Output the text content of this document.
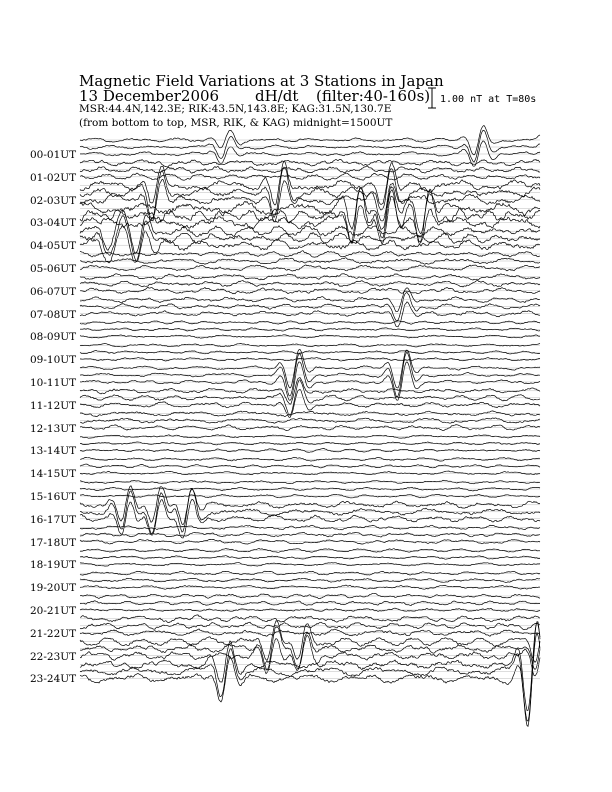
Magnetic Field Variations at 3 Stations in Japan
13 December2006 dH/dt (filter:40-160s)
MSR:44.4N,142.3E; RIK:43.5N,143.8E; KAG:31.5N,130.7E
(from bottom to top, MSR, RIK, & KAG) midnight=1500UT
1.00 nT at T=80s
00-01UT
01-02UT
02-03UT
03-04UT
04-05UT
05-06UT
06-07UT
07-08UT
08-09UT
09-10UT
10-11UT
11-12UT
12-13UT
13-14UT
14-15UT
15-16UT
16-17UT
17-18UT
18-19UT
19-20UT
20-21UT
21-22UT
22-23UT
23-24UT
